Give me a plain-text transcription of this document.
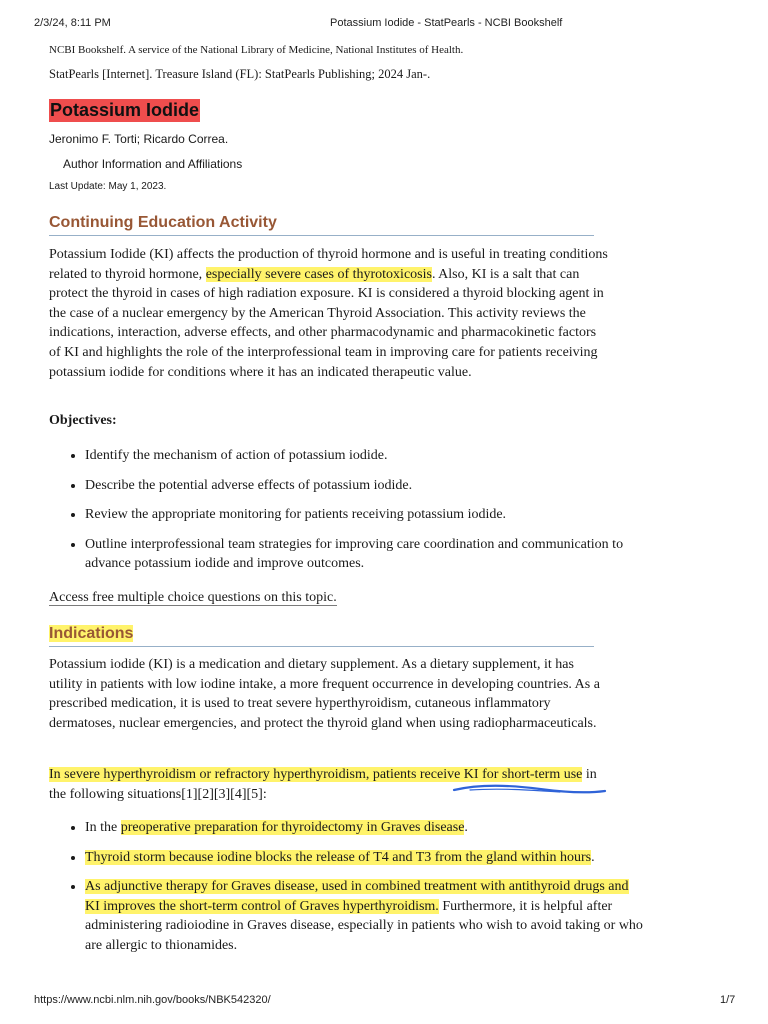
2/3/24, 8:11 PM	Potassium Iodide - StatPearls - NCBI Bookshelf
NCBI Bookshelf. A service of the National Library of Medicine, National Institutes of Health.
StatPearls [Internet]. Treasure Island (FL): StatPearls Publishing; 2024 Jan-.
Potassium Iodide
Jeronimo F. Torti; Ricardo Correa.
Author Information and Affiliations
Last Update: May 1, 2023.
Continuing Education Activity

Potassium Iodide (KI) affects the production of thyroid hormone and is useful in treating conditions related to thyroid hormone, especially severe cases of thyrotoxicosis. Also, KI is a salt that can protect the thyroid in cases of high radiation exposure. KI is considered a thyroid blocking agent in the case of a nuclear emergency by the American Thyroid Association. This activity reviews the indications, interaction, adverse effects, and other pharmacodynamic and pharmacokinetic factors of KI and highlights the role of the interprofessional team in improving care for patients receiving potassium iodide for conditions where it has an indicated therapeutic value.

Objectives:
• Identify the mechanism of action of potassium iodide.
• Describe the potential adverse effects of potassium iodide.
• Review the appropriate monitoring for patients receiving potassium iodide.
• Outline interprofessional team strategies for improving care coordination and communication to advance potassium iodide and improve outcomes.
Access free multiple choice questions on this topic.
Indications

Potassium iodide (KI) is a medication and dietary supplement. As a dietary supplement, it has utility in patients with low iodine intake, a more frequent occurrence in developing countries. As a prescribed medication, it is used to treat severe hyperthyroidism, cutaneous inflammatory dermatoses, nuclear emergencies, and protect the thyroid gland when using radiopharmaceuticals.

In severe hyperthyroidism or refractory hyperthyroidism, patients receive KI for short-term use in the following situations[1][2][3][4][5]:

• In the preoperative preparation for thyroidectomy in Graves disease.
• Thyroid storm because iodine blocks the release of T4 and T3 from the gland within hours.
• As adjunctive therapy for Graves disease, used in combined treatment with antithyroid drugs and KI improves the short-term control of Graves hyperthyroidism. Furthermore, it is helpful after administering radioiodine in Graves disease, especially in patients who wish to avoid taking or who are allergic to thionamides.
https://www.ncbi.nlm.nih.gov/books/NBK542320/	1/7
